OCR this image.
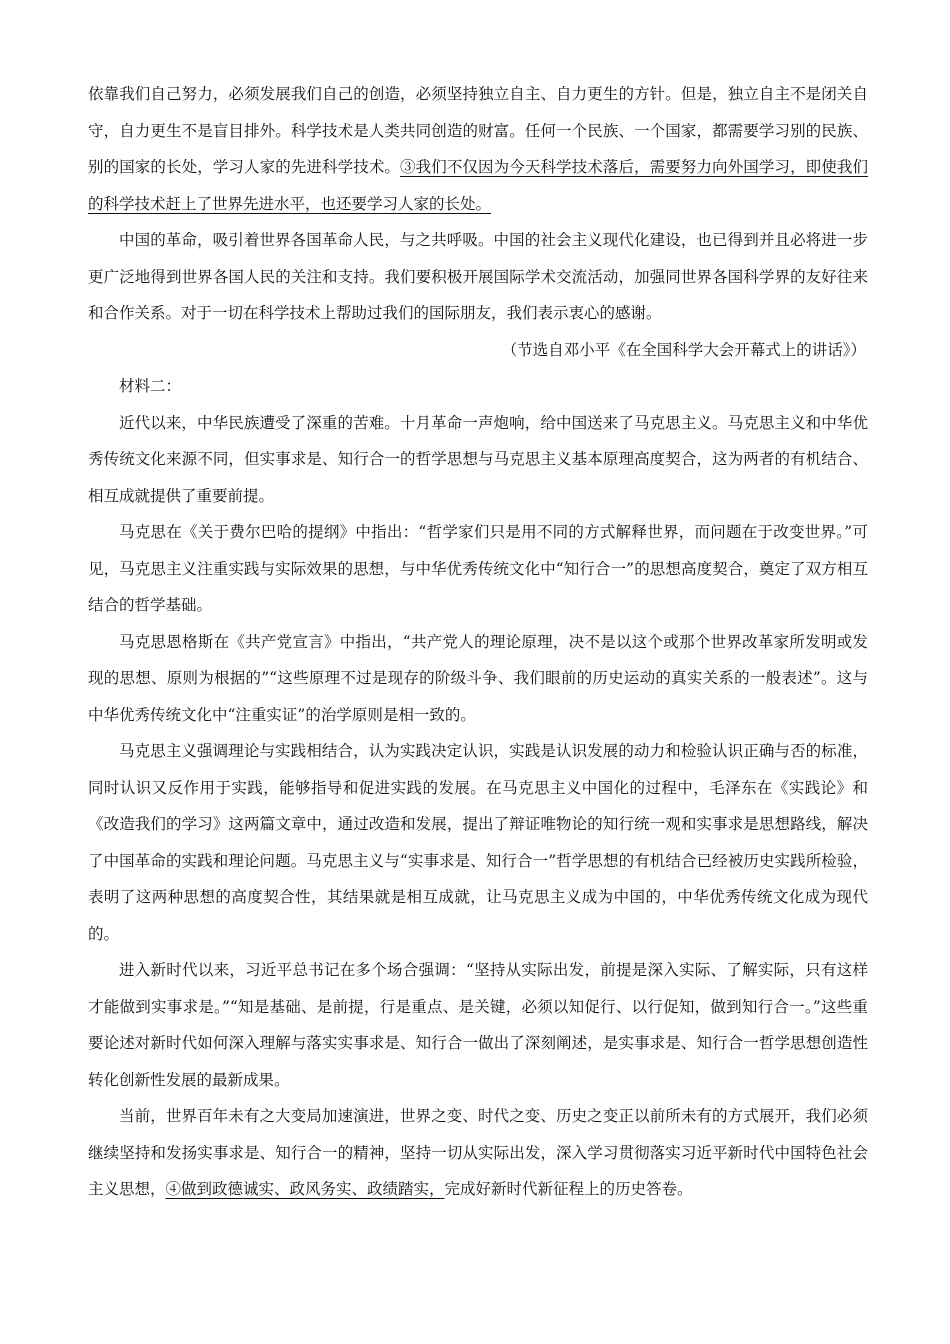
依靠我们自己努力，必须发展我们自己的创造，必须坚持独立自主、自力更生的方针。但是，独立自主不是闭关自守，自力更生不是盲目排外。科学技术是人类共同创造的财富。任何一个民族、一个国家，都需要学习别的民族、别的国家的长处，学习人家的先进科学技术。③我们不仅因为今天科学技术落后，需要努力向外国学习，即使我们的科学技术赶上了世界先进水平，也还要学习人家的长处。

中国的革命，吸引着世界各国革命人民，与之共呼吸。中国的社会主义现代化建设，也已得到并且必将进一步更广泛地得到世界各国人民的关注和支持。我们要积极开展国际学术交流活动，加强同世界各国科学界的友好往来和合作关系。对于一切在科学技术上帮助过我们的国际朋友，我们表示衷心的感谢。

（节选自邓小平《在全国科学大会开幕式上的讲话》）

材料二：

近代以来，中华民族遭受了深重的苦难。十月革命一声炮响，给中国送来了马克思主义。马克思主义和中华优秀传统文化来源不同，但实事求是、知行合一的哲学思想与马克思主义基本原理高度契合，这为两者的有机结合、相互成就提供了重要前提。

马克思在《关于费尔巴哈的提纲》中指出：“哲学家们只是用不同的方式解释世界，而问题在于改变世界。”可见，马克思主义注重实践与实际效果的思想，与中华优秀传统文化中“知行合一”的思想高度契合，奠定了双方相互结合的哲学基础。

马克思恩格斯在《共产党宣言》中指出，“共产党人的理论原理，决不是以这个或那个世界改革家所发明或发现的思想、原则为根据的”“这些原理不过是现存的阶级斗争、我们眼前的历史运动的真实关系的一般表述”。这与中华优秀传统文化中“注重实证”的治学原则是相一致的。

马克思主义强调理论与实践相结合，认为实践决定认识，实践是认识发展的动力和检验认识正确与否的标准，同时认识又反作用于实践，能够指导和促进实践的发展。在马克思主义中国化的过程中，毛泽东在《实践论》和《改造我们的学习》这两篇文章中，通过改造和发展，提出了辩证唯物论的知行统一观和实事求是思想路线，解决了中国革命的实践和理论问题。马克思主义与“实事求是、知行合一”哲学思想的有机结合已经被历史实践所检验，表明了这两种思想的高度契合性，其结果就是相互成就，让马克思主义成为中国的，中华优秀传统文化成为现代的。

进入新时代以来，习近平总书记在多个场合强调：“坚持从实际出发，前提是深入实际、了解实际，只有这样才能做到实事求是。”“知是基础、是前提，行是重点、是关键，必须以知促行、以行促知，做到知行合一。”这些重要论述对新时代如何深入理解与落实实事求是、知行合一做出了深刻阐述，是实事求是、知行合一哲学思想创造性转化创新性发展的最新成果。

当前，世界百年未有之大变局加速演进，世界之变、时代之变、历史之变正以前所未有的方式展开，我们必须继续坚持和发扬实事求是、知行合一的精神，坚持一切从实际出发，深入学习贯彻落实习近平新时代中国特色社会主义思想，④做到政德诚实、政风务实、政绩踏实，完成好新时代新征程上的历史答卷。
